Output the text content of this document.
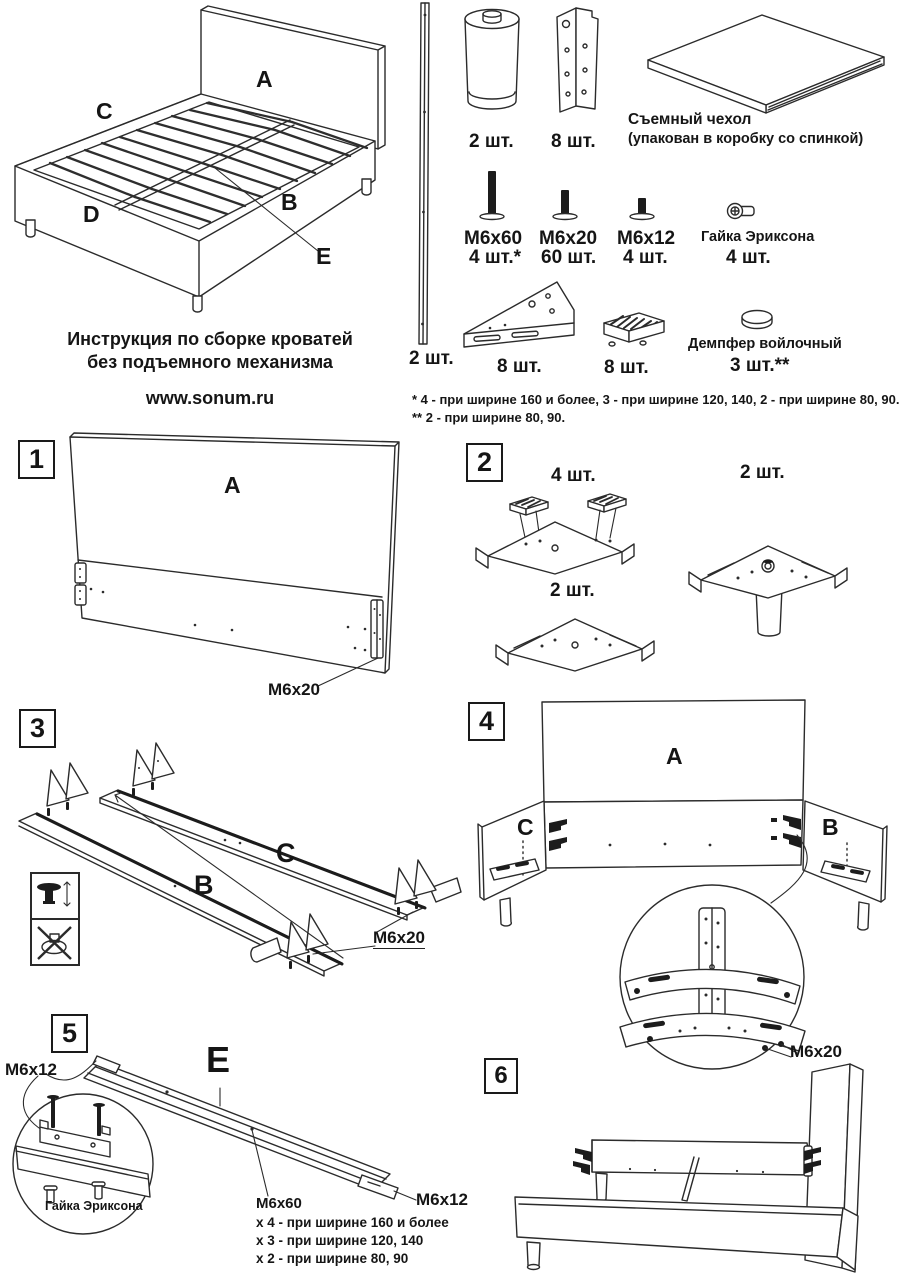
A
C
D	B
E
Инструкция по сборке кроватей
без подъемного механизма
www.sonum.ru
2 шт.
2 шт. 8 шт.
Съемный чехол
(упакован в коробку со спинкой)
M6x60
4 шт.*
M6x20
60 шт.
M6x12
4 шт.
Гайка Эриксона
4 шт.
8 шт.	8 шт.
Демпфер войлочный
3 шт.**
* 4 - при ширине 160 и более, 3 - при ширине 120, 140, 2 - при ширине 80, 90.
** 2 - при ширине 80, 90.
1
A
M6x20
2	4 шт.
2 шт.
2 шт.
3
B
C
M6x20
4
A
C	B
M6x20
5
E
M6x12
Гайка Эриксона	M6x60
х 4 - при ширине 160 и более
х 3 - при ширине 120, 140
х 2 - при ширине 80, 90
M6x12
6
